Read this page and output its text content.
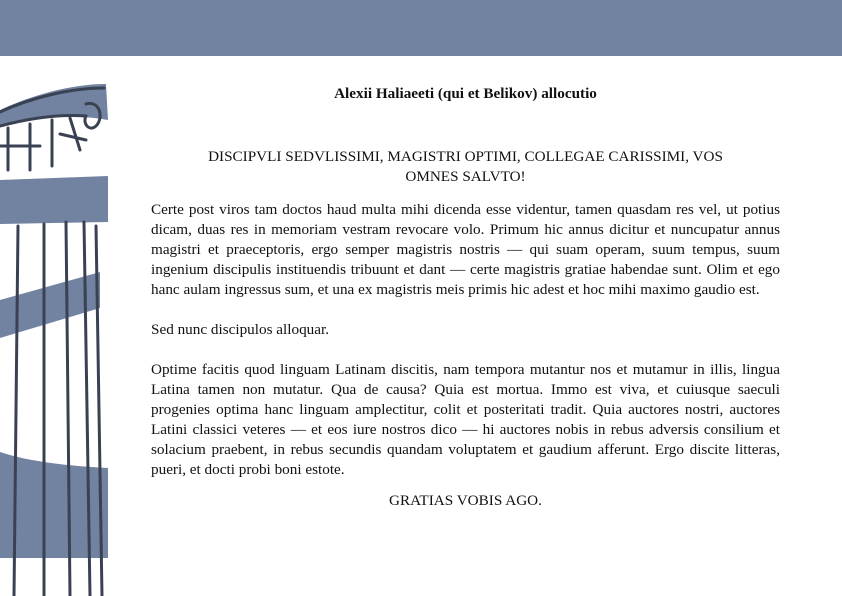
Alexii Haliaeeti (qui et Belikov) allocutio

DISCIPVLI SEDVLISSIMI, MAGISTRI OPTIMI, COLLEGAE CARISSIMI, VOS OMNES SALVTO!

Certe post viros tam doctos haud multa mihi dicenda esse videntur, tamen quasdam res vel, ut potius dicam, duas res in memoriam vestram revocare volo. Primum hic annus dicitur et nuncupatur annus magistri et praeceptoris, ergo semper magistris nostris — qui suam operam, suum tempus, suum ingenium discipulis instituendis tribuunt et dant — certe magistris gratiae habendae sunt. Olim et ego hanc aulam ingressus sum, et una ex magistris meis primis hic adest et hoc mihi maximo gaudio est.

Sed nunc discipulos alloquar.

Optime facitis quod linguam Latinam discitis, nam tempora mutantur nos et mutamur in illis, lingua Latina tamen non mutatur. Qua de causa? Quia est mortua. Immo est viva, et cuiusque saeculi progenies optima hanc linguam amplectitur, colit et posteritati tradit. Quia auctores nostri, auctores Latini classici veteres — et eos iure nostros dico — hi auctores nobis in rebus adversis consilium et solacium praebent, in rebus secundis quandam voluptatem et gaudium afferunt. Ergo discite litteras, pueri, et docti probi boni estote.

GRATIAS VOBIS AGO.
